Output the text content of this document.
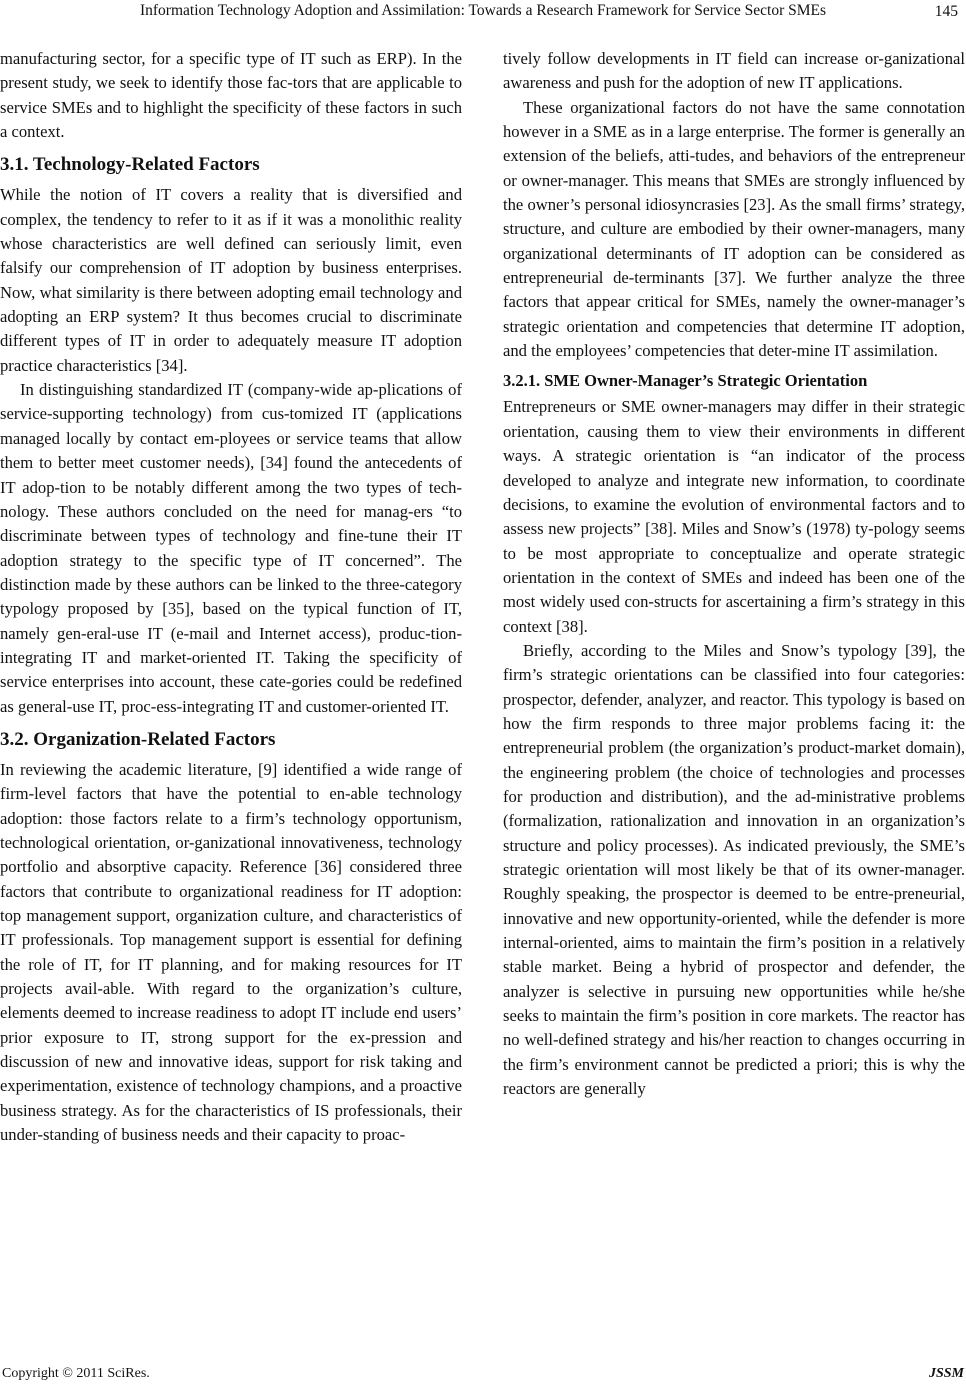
Information Technology Adoption and Assimilation: Towards a Research Framework for Service Sector SMEs	145

manufacturing sector, for a specific type of IT such as ERP). In the present study, we seek to identify those fac-tors that are applicable to service SMEs and to highlight the specificity of these factors in such a context.

3.1. Technology-Related Factors

While the notion of IT covers a reality that is diversified and complex, the tendency to refer to it as if it was a monolithic reality whose characteristics are well defined can seriously limit, even falsify our comprehension of IT adoption by business enterprises. Now, what similarity is there between adopting email technology and adopting an ERP system? It thus becomes crucial to discriminate different types of IT in order to adequately measure IT adoption practice characteristics [34].

In distinguishing standardized IT (company-wide ap-plications of service-supporting technology) from cus-tomized IT (applications managed locally by contact em-ployees or service teams that allow them to better meet customer needs), [34] found the antecedents of IT adop-tion to be notably different among the two types of tech-nology. These authors concluded on the need for manag-ers “to discriminate between types of technology and fine-tune their IT adoption strategy to the specific type of IT concerned”. The distinction made by these authors can be linked to the three-category typology proposed by [35], based on the typical function of IT, namely gen-eral-use IT (e-mail and Internet access), produc-tion-integrating IT and market-oriented IT. Taking the specificity of service enterprises into account, these cate-gories could be redefined as general-use IT, proc-ess-integrating IT and customer-oriented IT.

3.2. Organization-Related Factors

In reviewing the academic literature, [9] identified a wide range of firm-level factors that have the potential to en-able technology adoption: those factors relate to a firm’s technology opportunism, technological orientation, or-ganizational innovativeness, technology portfolio and absorptive capacity. Reference [36] considered three factors that contribute to organizational readiness for IT adoption: top management support, organization culture, and characteristics of IT professionals. Top management support is essential for defining the role of IT, for IT planning, and for making resources for IT projects avail-able. With regard to the organization’s culture, elements deemed to increase readiness to adopt IT include end users’ prior exposure to IT, strong support for the ex-pression and discussion of new and innovative ideas, support for risk taking and experimentation, existence of technology champions, and a proactive business strategy. As for the characteristics of IS professionals, their under-standing of business needs and their capacity to proac-

tively follow developments in IT field can increase or-ganizational awareness and push for the adoption of new IT applications.

These organizational factors do not have the same connotation however in a SME as in a large enterprise. The former is generally an extension of the beliefs, atti-tudes, and behaviors of the entrepreneur or owner-manager. This means that SMEs are strongly influenced by the owner’s personal idiosyncrasies [23]. As the small firms’ strategy, structure, and culture are embodied by their owner-managers, many organizational determinants of IT adoption can be considered as entrepreneurial de-terminants [37]. We further analyze the three factors that appear critical for SMEs, namely the owner-manager’s strategic orientation and competencies that determine IT adoption, and the employees’ competencies that deter-mine IT assimilation.

3.2.1. SME Owner-Manager’s Strategic Orientation

Entrepreneurs or SME owner-managers may differ in their strategic orientation, causing them to view their environments in different ways. A strategic orientation is “an indicator of the process developed to analyze and integrate new information, to coordinate decisions, to examine the evolution of environmental factors and to assess new projects” [38]. Miles and Snow’s (1978) ty-pology seems to be most appropriate to conceptualize and operate strategic orientation in the context of SMEs and indeed has been one of the most widely used con-structs for ascertaining a firm’s strategy in this context [38].

Briefly, according to the Miles and Snow’s typology [39], the firm’s strategic orientations can be classified into four categories: prospector, defender, analyzer, and reactor. This typology is based on how the firm responds to three major problems facing it: the entrepreneurial problem (the organization’s product-market domain), the engineering problem (the choice of technologies and processes for production and distribution), and the ad-ministrative problems (formalization, rationalization and innovation in an organization’s structure and policy processes). As indicated previously, the SME’s strategic orientation will most likely be that of its owner-manager. Roughly speaking, the prospector is deemed to be entre-preneurial, innovative and new opportunity-oriented, while the defender is more internal-oriented, aims to maintain the firm’s position in a relatively stable market. Being a hybrid of prospector and defender, the analyzer is selective in pursuing new opportunities while he/she seeks to maintain the firm’s position in core markets. The reactor has no well-defined strategy and his/her reaction to changes occurring in the firm’s environment cannot be predicted a priori; this is why the reactors are generally

Copyright © 2011 SciRes.	JSSM
